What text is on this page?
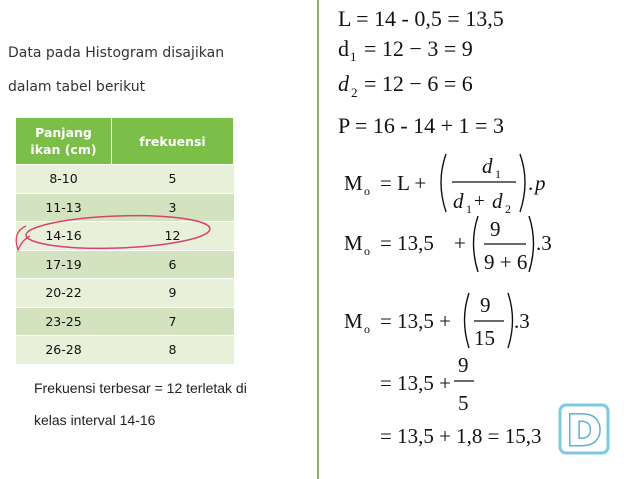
Data pada Histogram disajikan
dalam tabel berikut
Panjang
ikan (cm)	frekuensi
8-10	5
11-13	3
14-16	12
17-19	6
20-22	9
23-25	7
26-28	8
Frekuensi terbesar = 12 terletak di
kelas interval 14-16
L = 14 - 0,5 = 13,5
d 1 = 12 − 3 = 9
d 2 = 12 − 6 = 6
P = 16 - 14 + 1 = 3
M o = L +
d 1
d 1 + d 2
. p
M o = 13,5 +
9
9 + 6
.3
M o = 13,5 +
9
15
.3
= 13,5 +
9
5
= 13,5 + 1,8 = 15,3 D
